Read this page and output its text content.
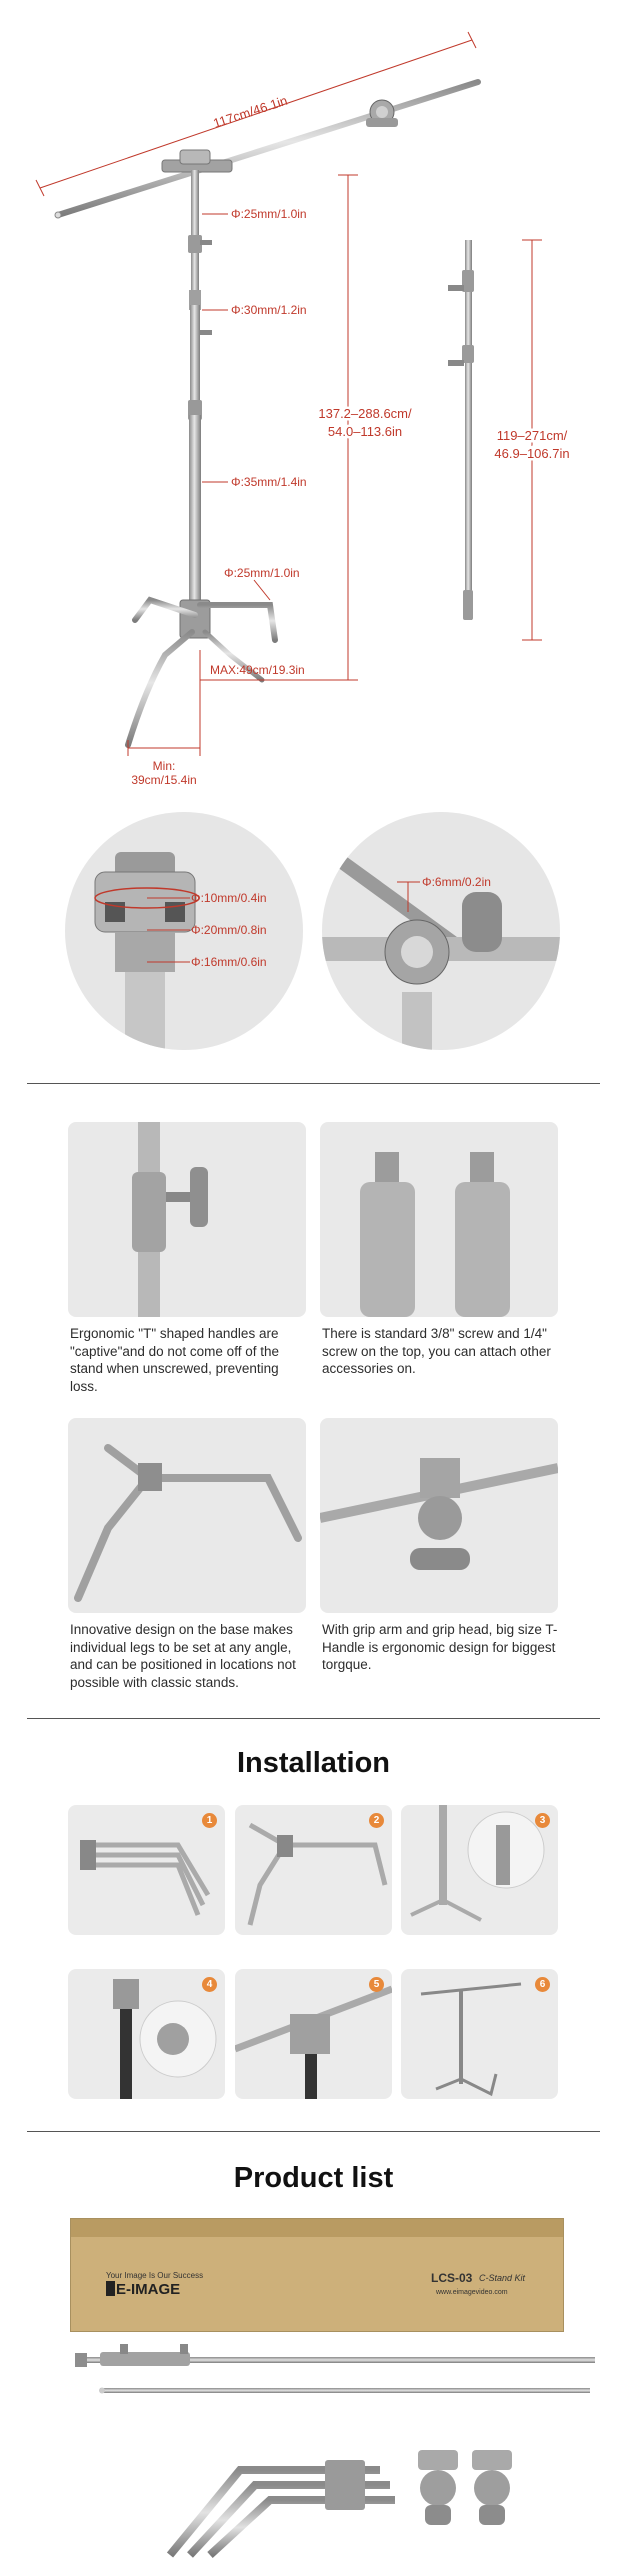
117cm/46.1in
Φ:25mm/1.0in
Φ:30mm/1.2in
Φ:35mm/1.4in
Φ:25mm/1.0in
137.2–288.6cm/
54.0–113.6in
MAX:49cm/19.3in
Min:
39cm/15.4in
119–271cm/
46.9–106.7in
Φ:10mm/0.4in
Φ:20mm/0.8in
Φ:16mm/0.6in
Φ:6mm/0.2in
Ergonomic "T" shaped handles are "captive"and do not come off of the stand when unscrewed, preventing loss.
There is standard 3/8" screw and 1/4" screw on the top, you can attach other accessories on.
Innovative design on the base makes individual legs to be set at any angle, and can be positioned in locations not possible with classic stands.
With grip arm and grip head, big size T-Handle is ergonomic design for biggest torgque.
Installation
1	2	3
4	5	6
Product list
Your Image Is Our Success
E-IMAGE
LCS-03 C-Stand Kit
www.eimagevideo.com
